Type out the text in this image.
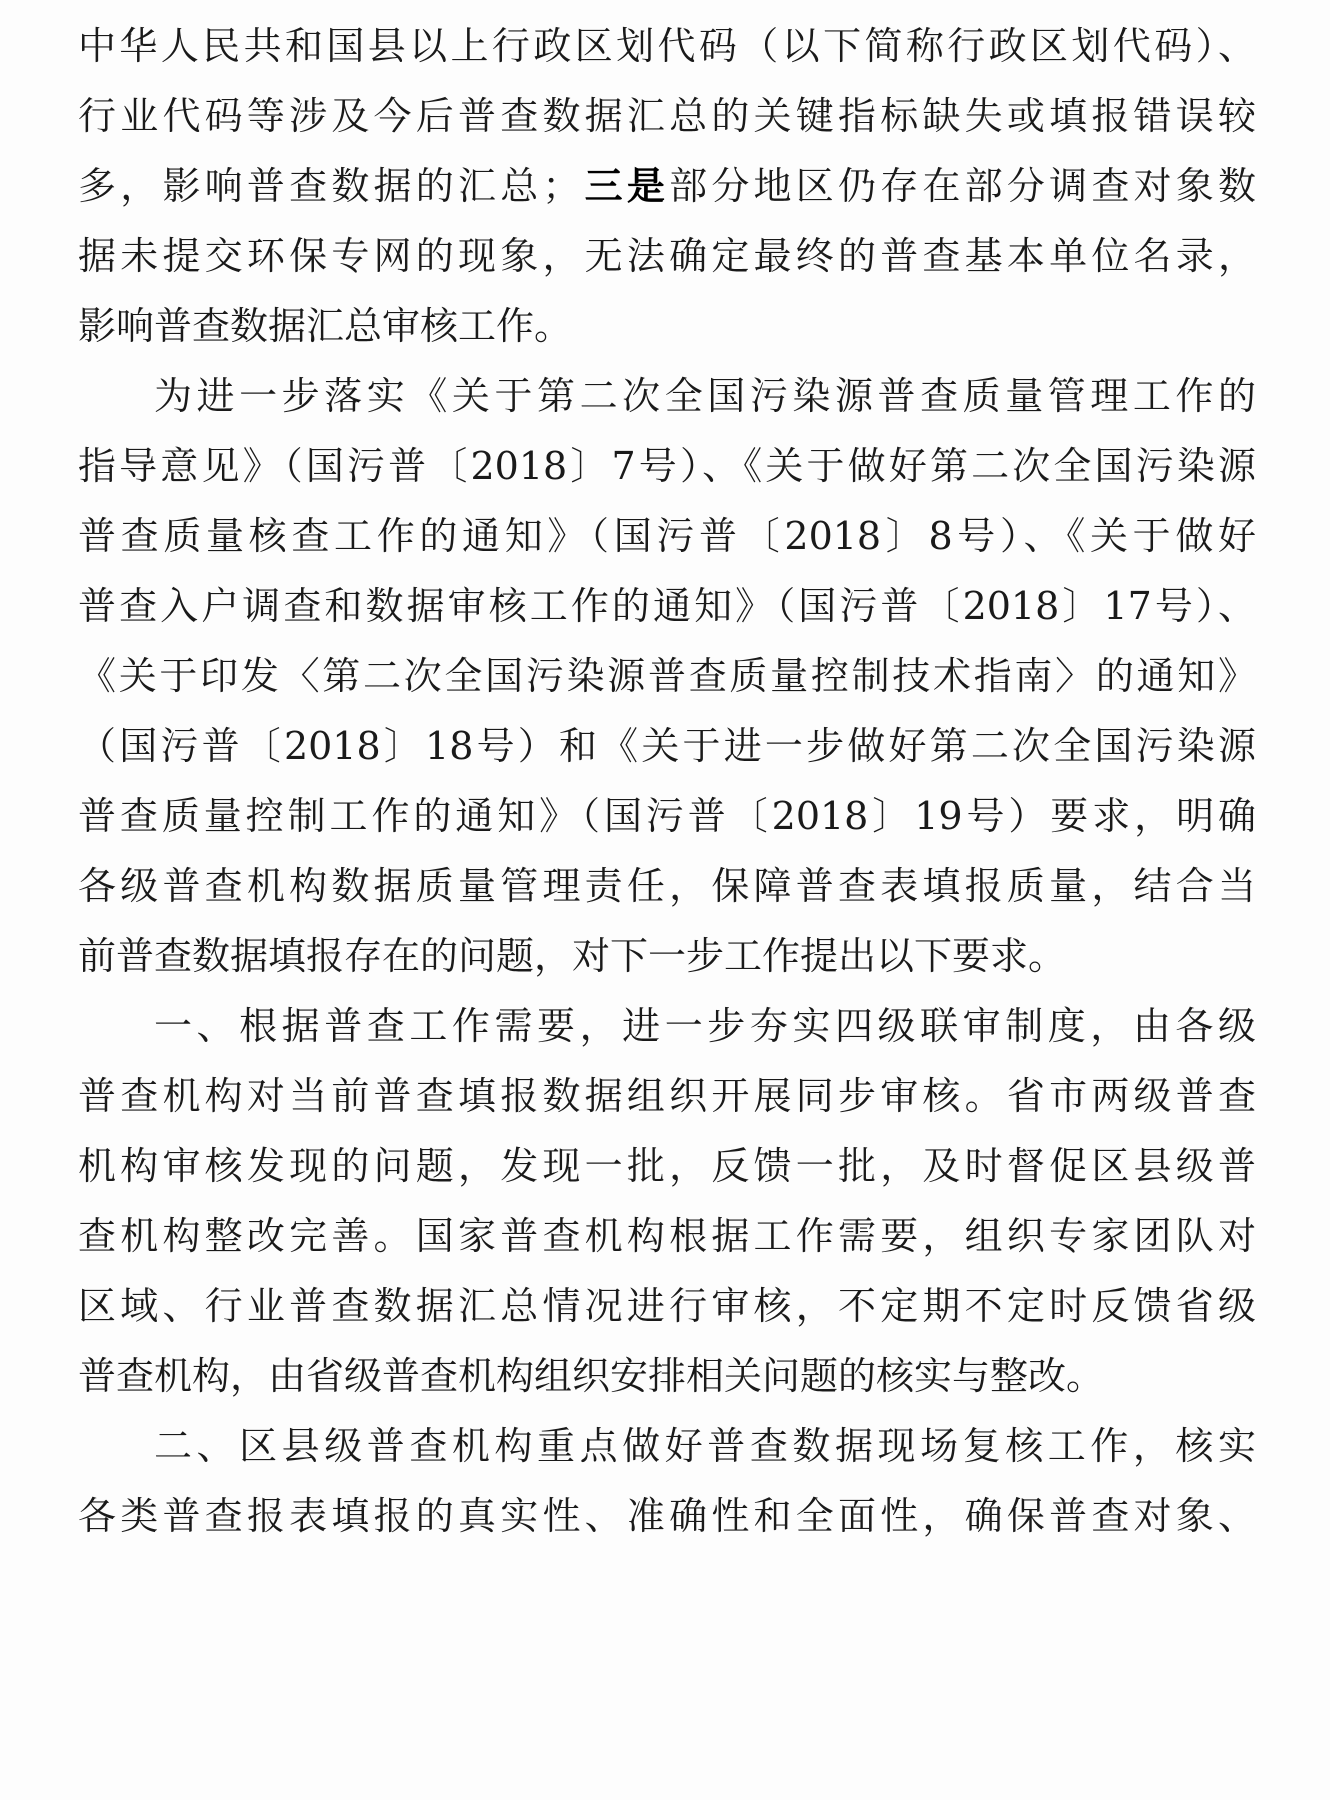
中华人民共和国县以上行政区划代码（以下简称行政区划代码）、

行业代码等涉及今后普查数据汇总的关键指标缺失或填报错误较

多，影响普查数据的汇总；三是部分地区仍存在部分调查对象数

据未提交环保专网的现象，无法确定最终的普查基本单位名录，

影响普查数据汇总审核工作。

为进一步落实《关于第二次全国污染源普查质量管理工作的

指导意见》（国污普〔2018〕7号）、《关于做好第二次全国污染源

普查质量核查工作的通知》（国污普〔2018〕8号）、《关于做好

普查入户调查和数据审核工作的通知》（国污普〔2018〕17号）、

《关于印发〈第二次全国污染源普查质量控制技术指南〉的通知》

（国污普〔2018〕18号）和《关于进一步做好第二次全国污染源

普查质量控制工作的通知》（国污普〔2018〕19号）要求，明确

各级普查机构数据质量管理责任，保障普查表填报质量，结合当

前普查数据填报存在的问题，对下一步工作提出以下要求。

一、根据普查工作需要，进一步夯实四级联审制度，由各级

普查机构对当前普查填报数据组织开展同步审核。省市两级普查

机构审核发现的问题，发现一批，反馈一批，及时督促区县级普

查机构整改完善。国家普查机构根据工作需要，组织专家团队对

区域、行业普查数据汇总情况进行审核，不定期不定时反馈省级

普查机构，由省级普查机构组织安排相关问题的核实与整改。

二、区县级普查机构重点做好普查数据现场复核工作，核实

各类普查报表填报的真实性、准确性和全面性，确保普查对象、
